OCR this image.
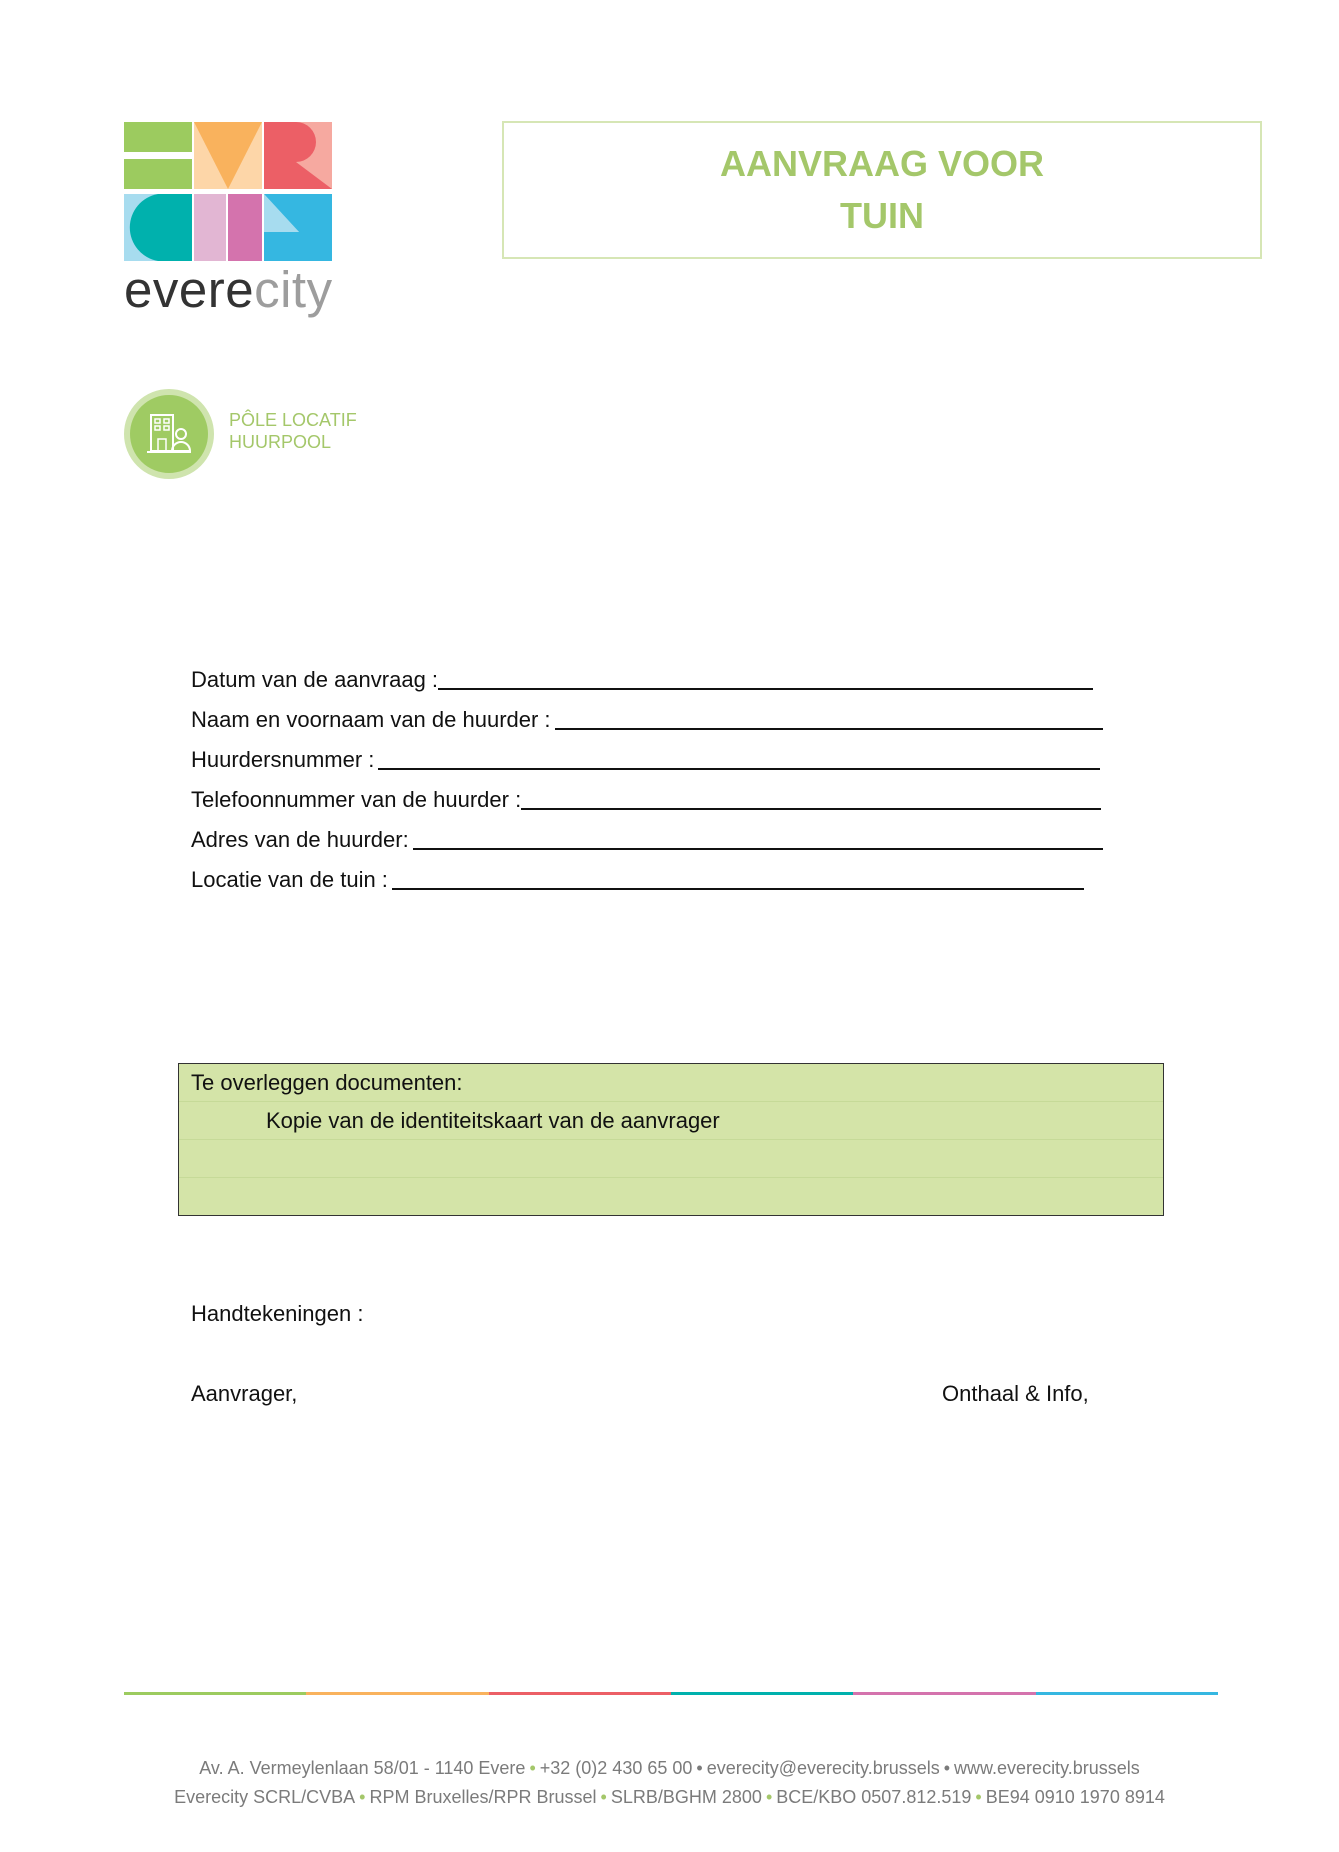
everecity
AANVRAAG VOOR
TUIN
PÔLE LOCATIF
HUURPOOL
Datum van de aanvraag :
Naam en voornaam van de huurder :
Huurdersnummer :
Telefoonnummer van de huurder :
Adres van de huurder:
Locatie van de tuin :
Te overleggen documenten:
Kopie van de identiteitskaart van de aanvrager
Handtekeningen :
Aanvrager,	Onthaal & Info,
Av. A. Vermeylenlaan 58/01 - 1140 Evere • +32 (0)2 430 65 00 • everecity@everecity.brussels • www.everecity.brussels
Everecity SCRL/CVBA • RPM Bruxelles/RPR Brussel • SLRB/BGHM 2800 • BCE/KBO 0507.812.519 • BE94 0910 1970 8914
